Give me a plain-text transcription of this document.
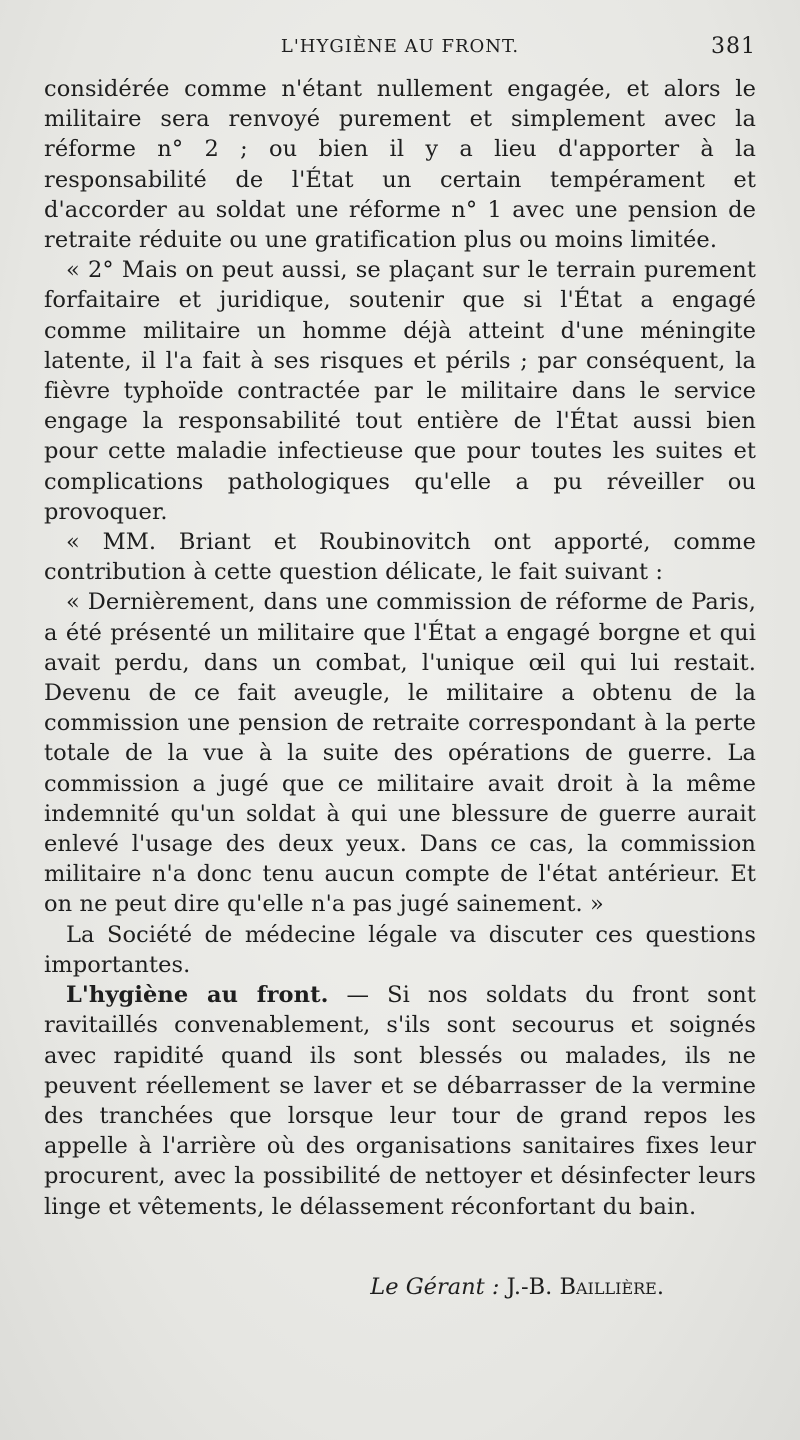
L'HYGIÈNE AU FRONT.	381

considérée comme n'étant nullement engagée, et alors le militaire sera renvoyé purement et simplement avec la réforme n° 2 ; ou bien il y a lieu d'apporter à la responsabilité de l'État un certain tempérament et d'accorder au soldat une réforme n° 1 avec une pension de retraite réduite ou une gratification plus ou moins limitée.

« 2° Mais on peut aussi, se plaçant sur le terrain purement forfaitaire et juridique, soutenir que si l'État a engagé comme militaire un homme déjà atteint d'une méningite latente, il l'a fait à ses risques et périls ; par conséquent, la fièvre typhoïde contractée par le militaire dans le service engage la responsabilité tout entière de l'État aussi bien pour cette maladie infectieuse que pour toutes les suites et complications pathologiques qu'elle a pu réveiller ou provoquer.

« MM. Briant et Roubinovitch ont apporté, comme contribution à cette question délicate, le fait suivant :

« Dernièrement, dans une commission de réforme de Paris, a été présenté un militaire que l'État a engagé borgne et qui avait perdu, dans un combat, l'unique œil qui lui restait. Devenu de ce fait aveugle, le militaire a obtenu de la commission une pension de retraite correspondant à la perte totale de la vue à la suite des opérations de guerre. La commission a jugé que ce militaire avait droit à la même indemnité qu'un soldat à qui une blessure de guerre aurait enlevé l'usage des deux yeux. Dans ce cas, la commission militaire n'a donc tenu aucun compte de l'état antérieur. Et on ne peut dire qu'elle n'a pas jugé sainement. »

La Société de médecine légale va discuter ces questions importantes.

L'hygiène au front. — Si nos soldats du front sont ravitaillés convenablement, s'ils sont secourus et soignés avec rapidité quand ils sont blessés ou malades, ils ne peuvent réellement se laver et se débarrasser de la vermine des tranchées que lorsque leur tour de grand repos les appelle à l'arrière où des organisations sanitaires fixes leur procurent, avec la possibilité de nettoyer et désinfecter leurs linge et vêtements, le délassement réconfortant du bain.

Le Gérant : J.-B. Baillière.
